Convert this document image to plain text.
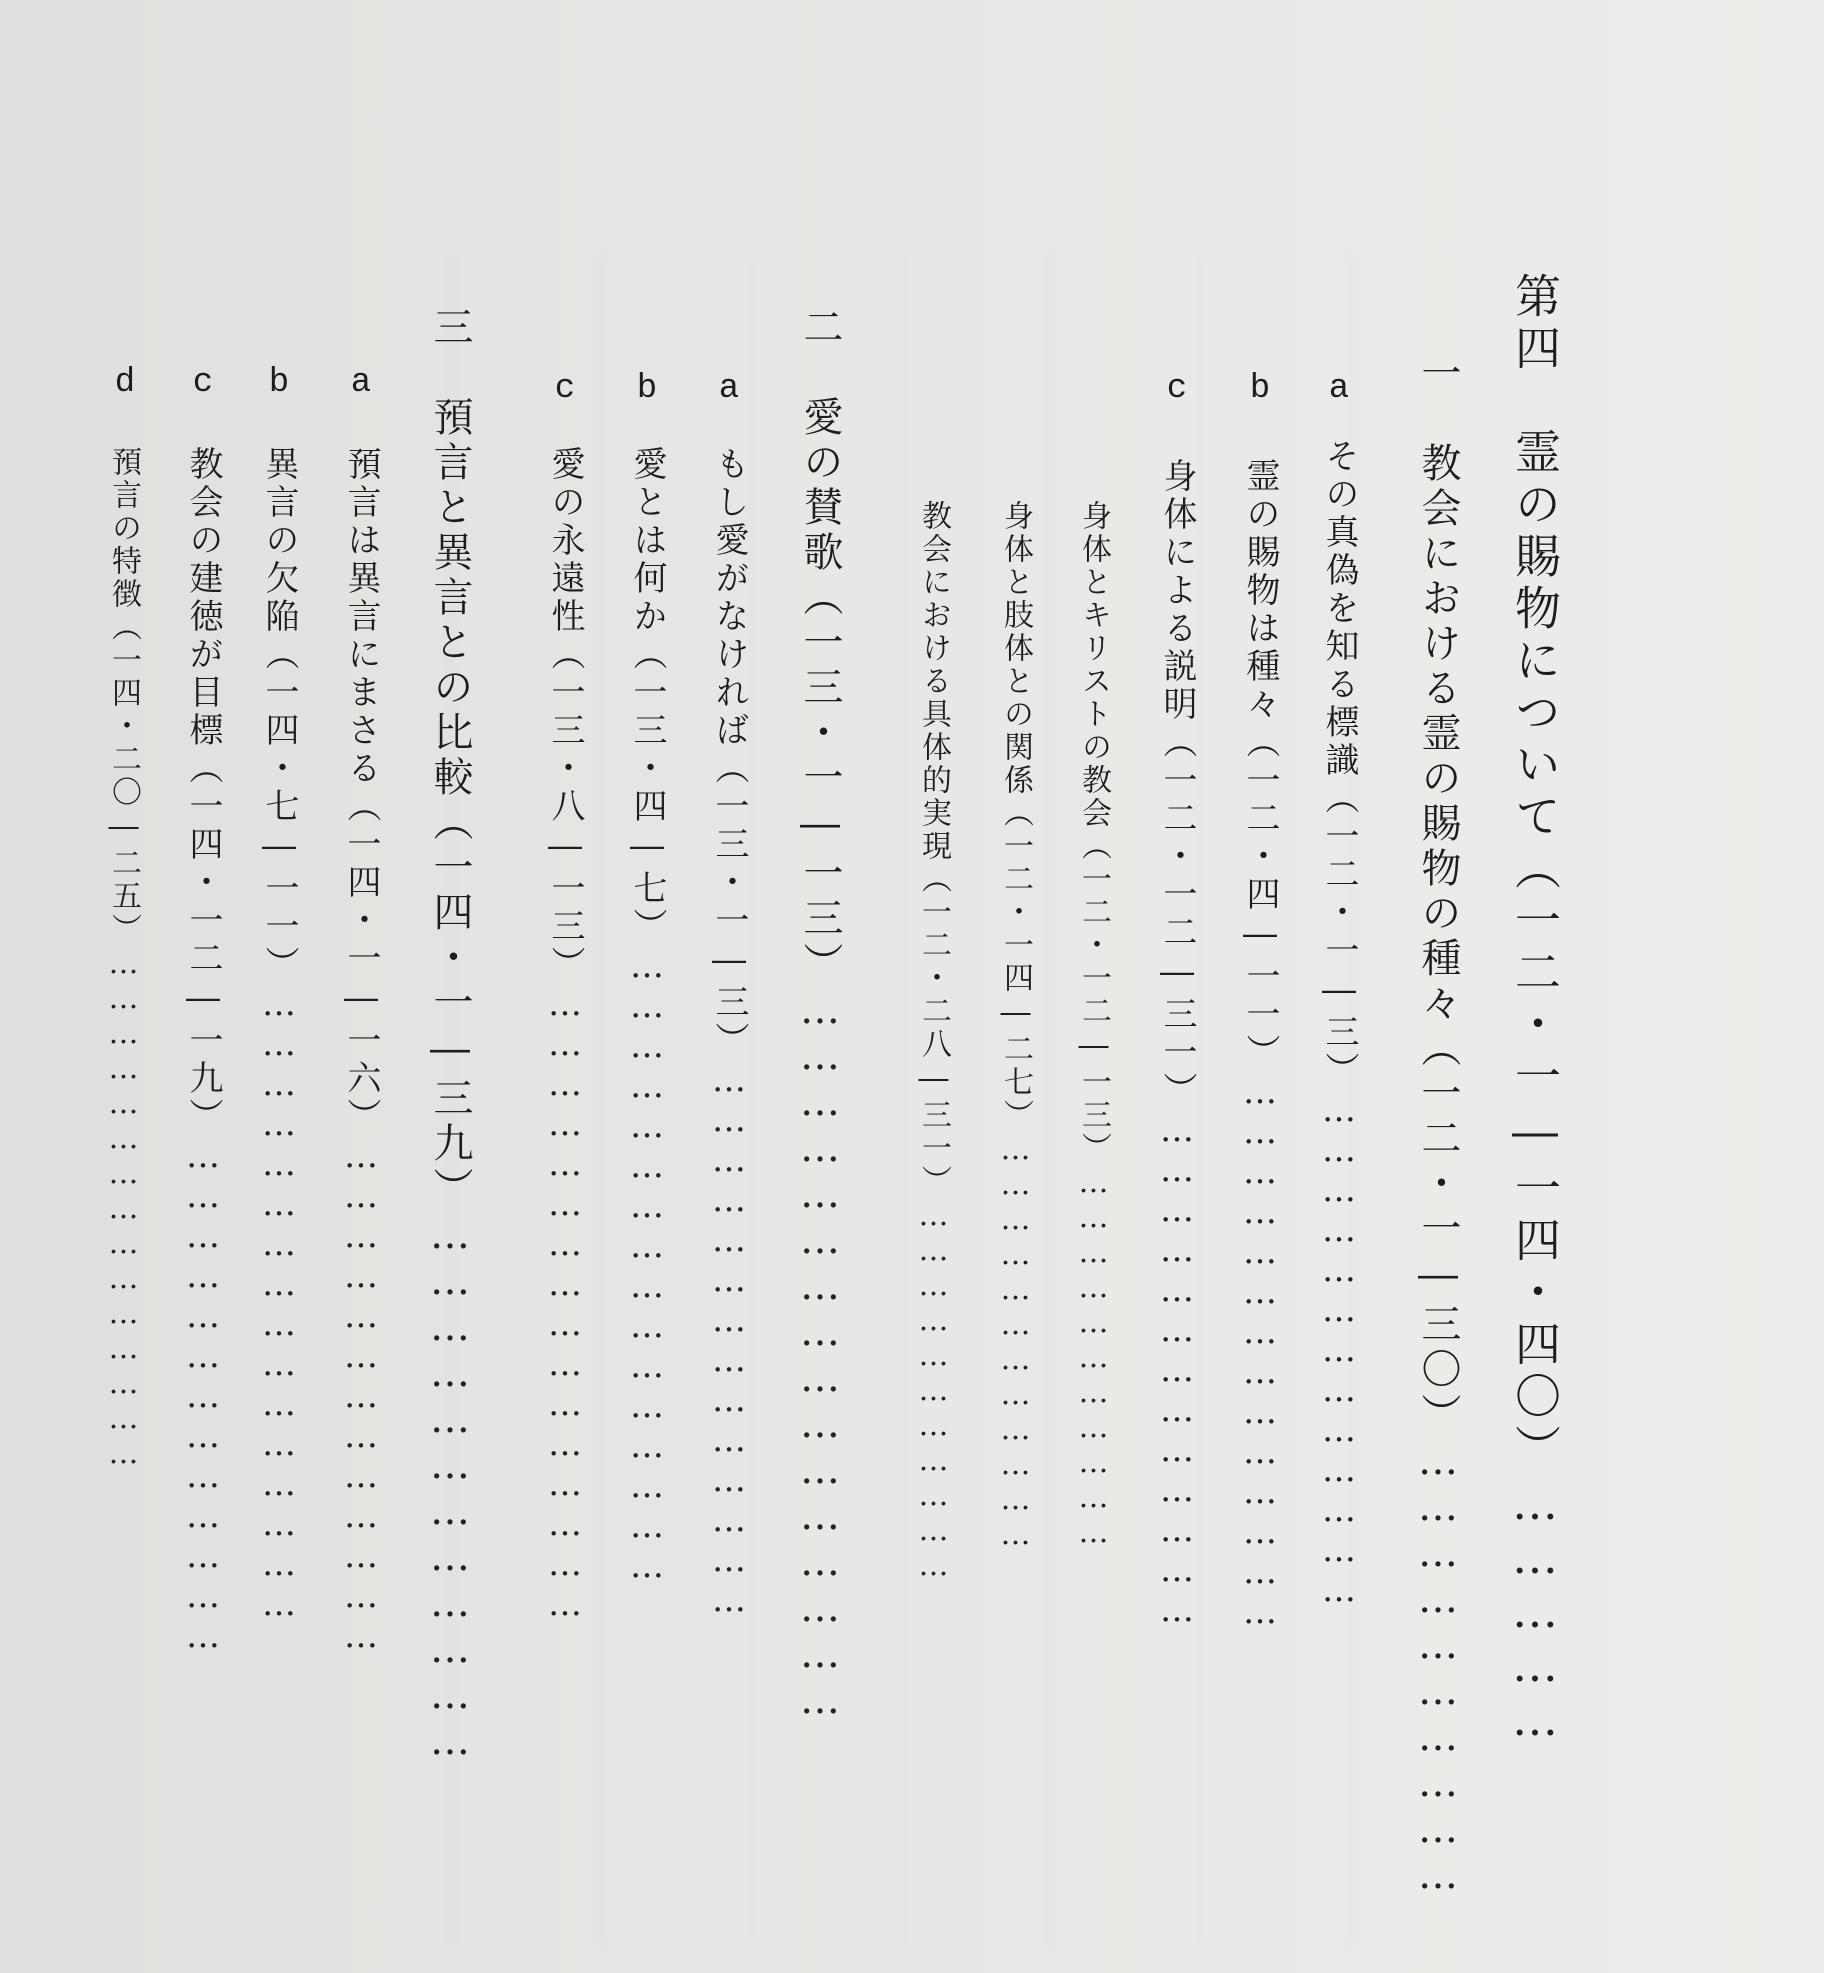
第四　霊の賜物について（一二・一―一四・四〇）……………
一　教会における霊の賜物の種々（一二・一―三〇）…………………………
a
その真偽を知る標識（一二・一―三）…………………………………
b
霊の賜物は種々（一二・四―一一）……………………………………
c
身体による説明（一二・一二―三一）…………………………………
身体とキリストの教会（一二・一二―一三）……………………………
身体と肢体との関係（一二・一四―二七）………………………………
教会における具体的実現（一二・二八―三一）……………………………
二　愛の賛歌（一三・一―一三）…………………………………………
a
もし愛がなければ（一三・一―三）……………………………………
b
愛とは何か（一三・四―七）…………………………………………
c
愛の永遠性（一三・八―一三）…………………………………………
三　預言と異言との比較（一四・一―三九）………………………………
a
預言は異言にまさる（一四・一―一六）…………………………………
b
異言の欠陥（一四・七―一一）…………………………………………
c
教会の建徳が目標（一四・一二―一九）…………………………………
d
預言の特徴（一四・二〇―二五）………………………………………
